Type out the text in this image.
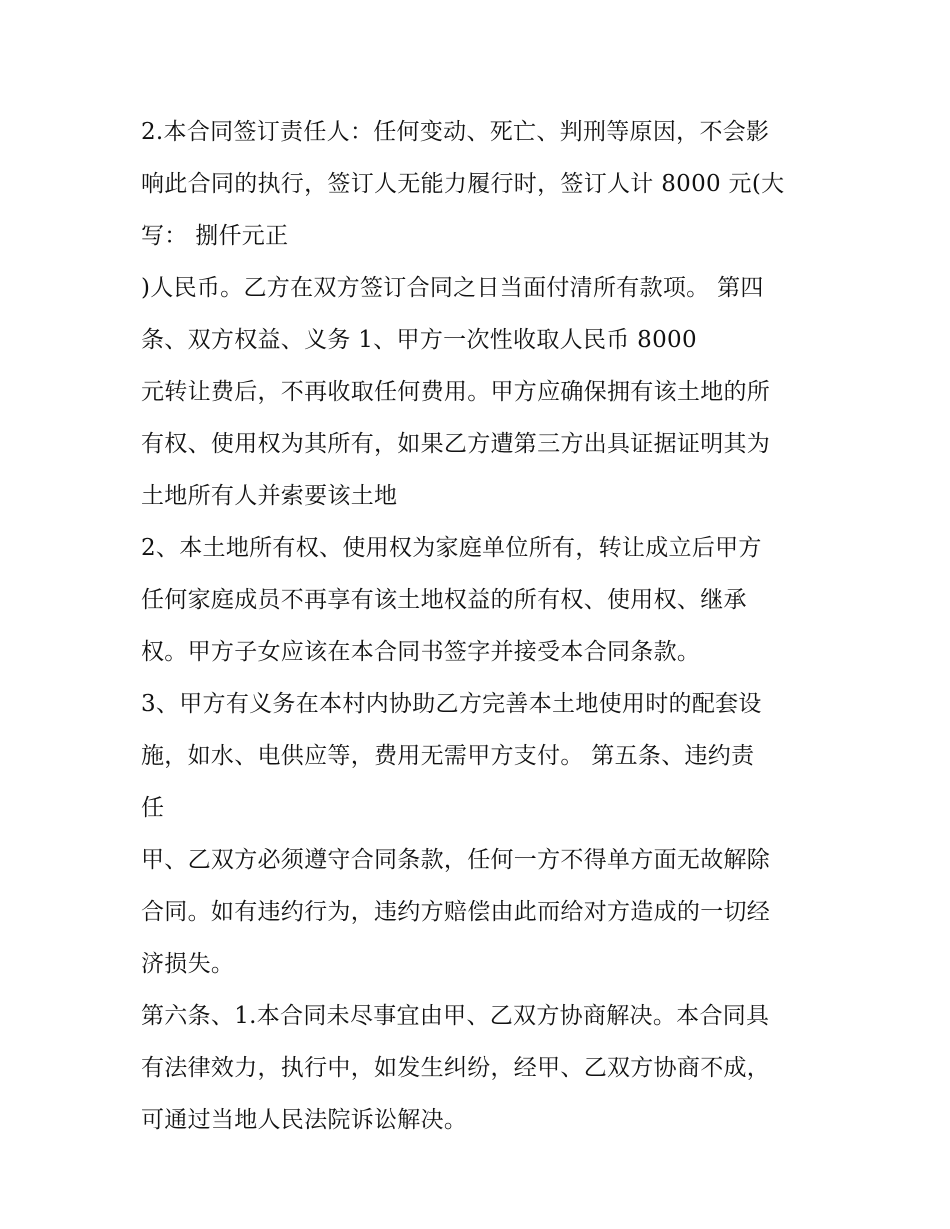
2.本合同签订责任人：任何变动、死亡、判刑等原因，不会影
响此合同的执行，签订人无能力履行时，签订人计 8000 元(大
写： 捌仟元正
)人民币。乙方在双方签订合同之日当面付清所有款项。 第四
条、双方权益、义务 1、甲方一次性收取人民币 8000
元转让费后，不再收取任何费用。甲方应确保拥有该土地的所
有权、使用权为其所有，如果乙方遭第三方出具证据证明其为
土地所有人并索要该土地
2、本土地所有权、使用权为家庭单位所有，转让成立后甲方
任何家庭成员不再享有该土地权益的所有权、使用权、继承
权。甲方子女应该在本合同书签字并接受本合同条款。
3、甲方有义务在本村内协助乙方完善本土地使用时的配套设
施，如水、电供应等，费用无需甲方支付。 第五条、违约责
任
甲、乙双方必须遵守合同条款，任何一方不得单方面无故解除
合同。如有违约行为，违约方赔偿由此而给对方造成的一切经
济损失。
第六条、1.本合同未尽事宜由甲、乙双方协商解决。本合同具
有法律效力，执行中，如发生纠纷，经甲、乙双方协商不成，
可通过当地人民法院诉讼解决。
